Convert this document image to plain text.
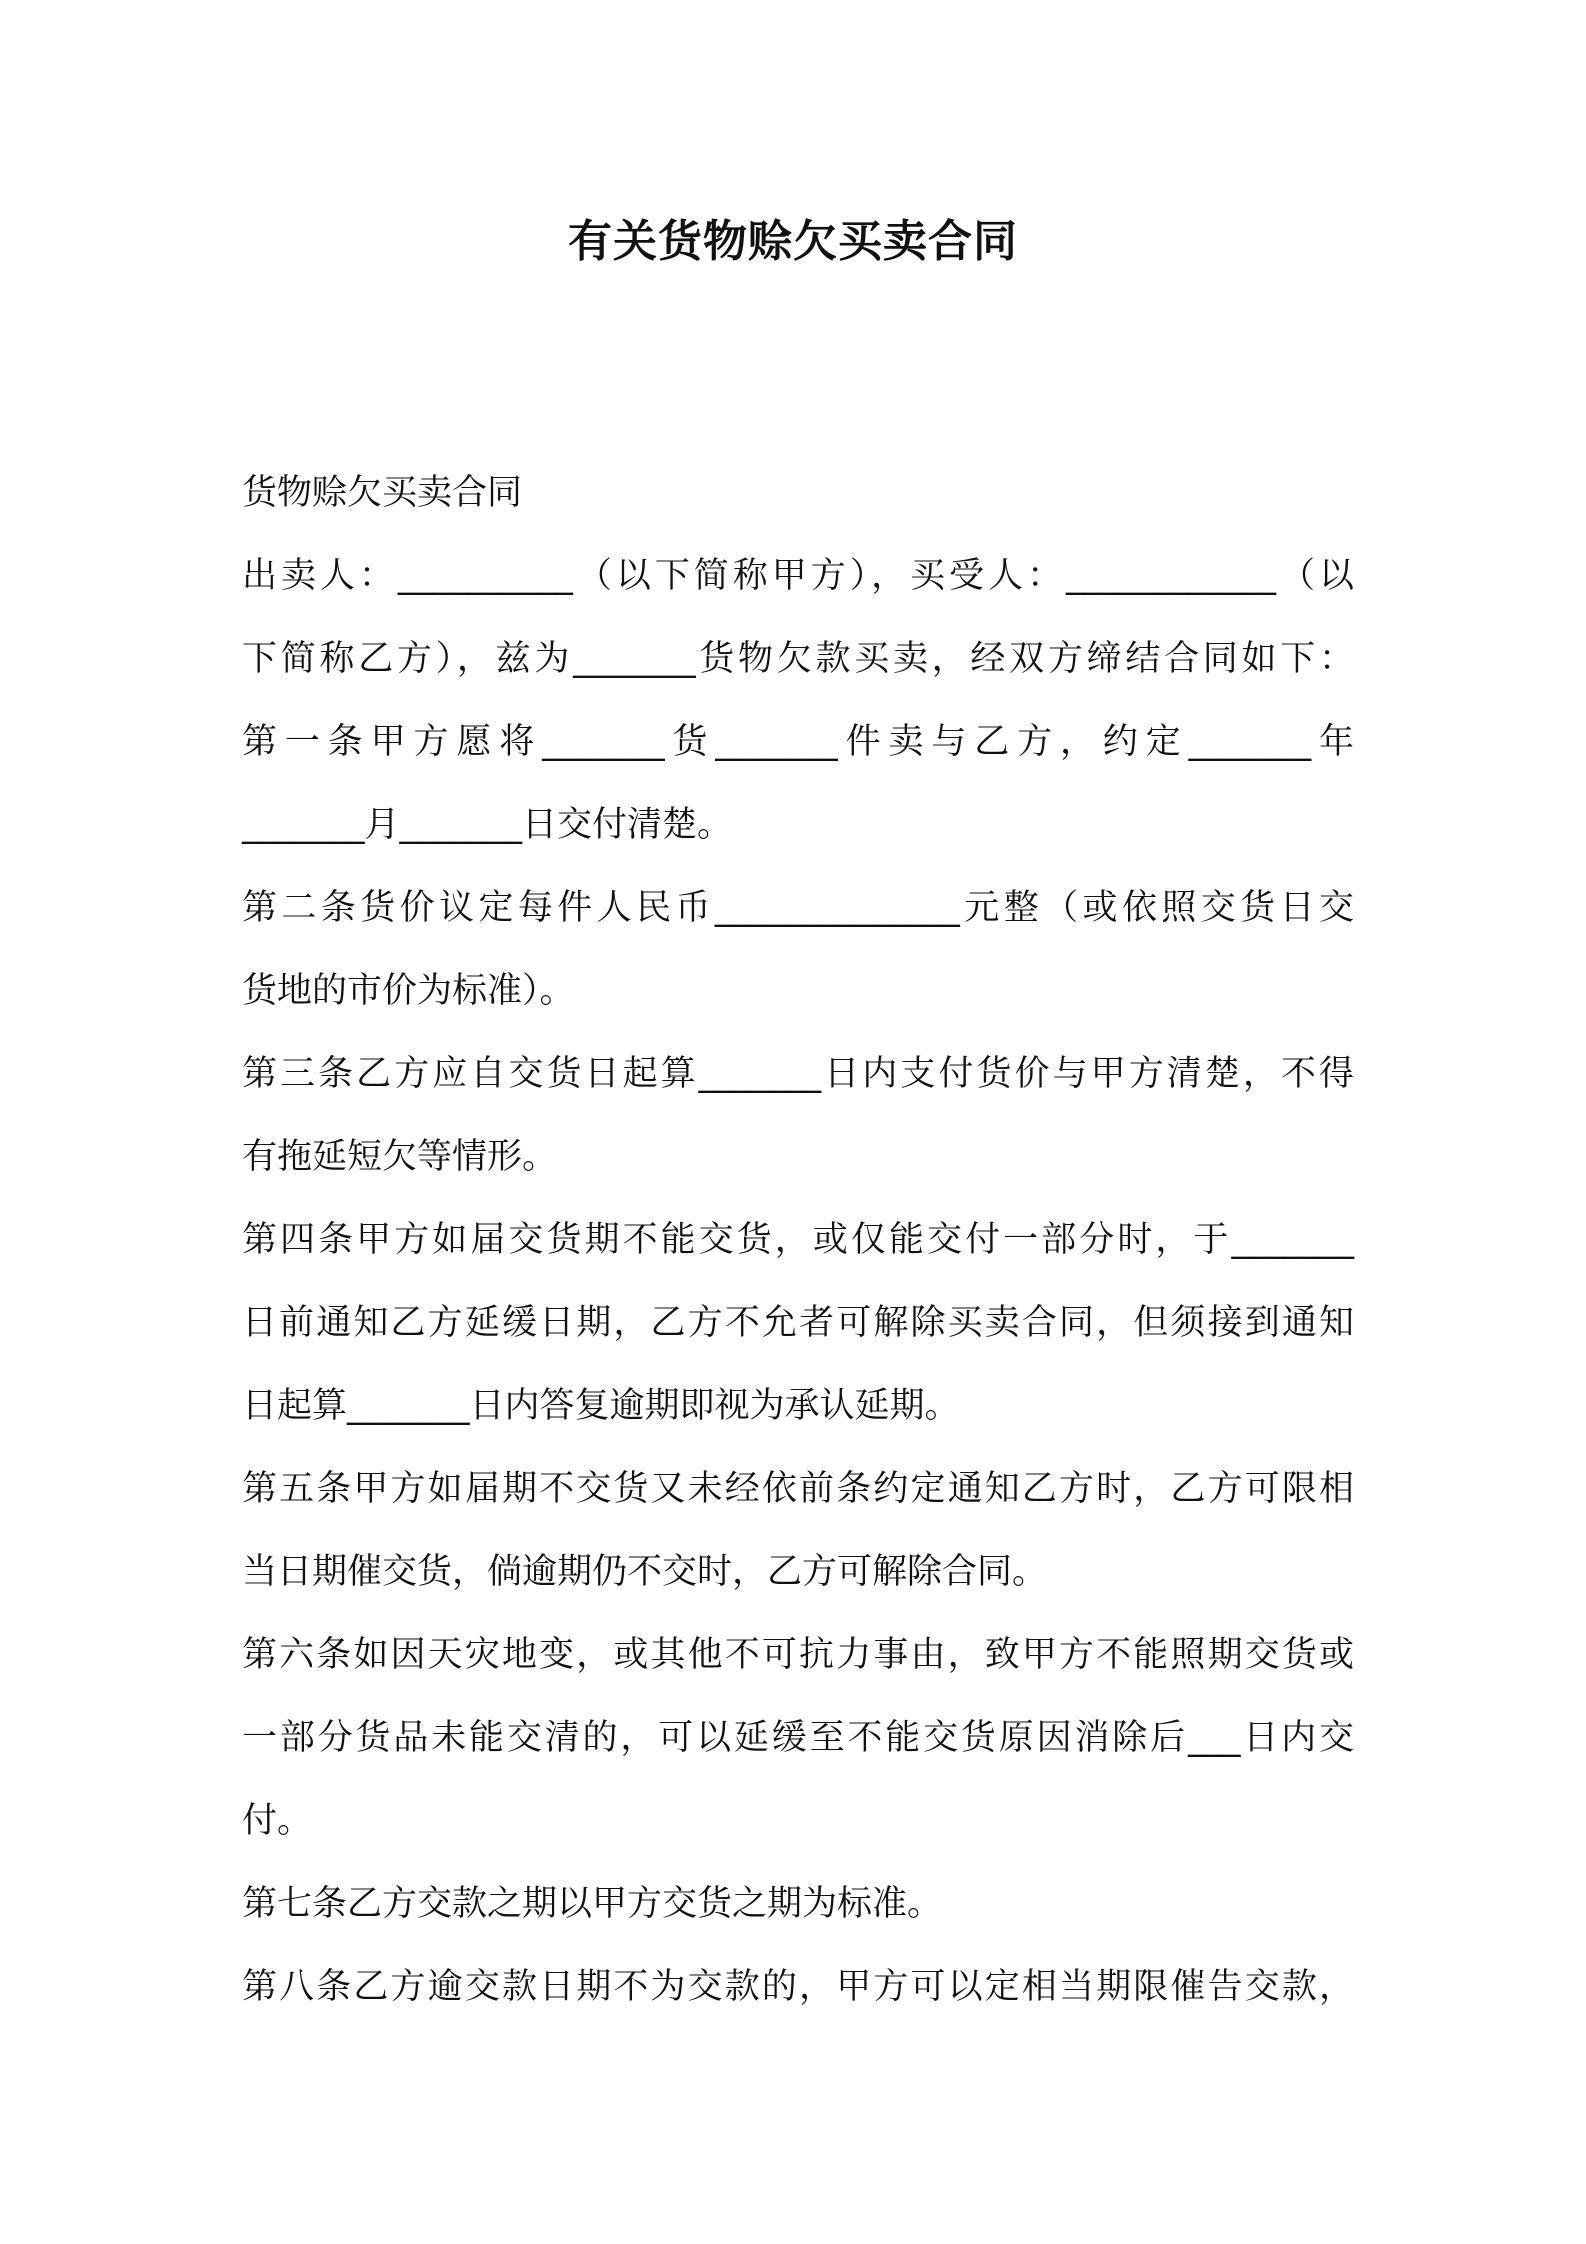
有关货物赊欠买卖合同
货物赊欠买卖合同
出卖人：__________（以下简称甲方），买受人：____________（以
下简称乙方），兹为_______货物欠款买卖，经双方缔结合同如下：
第一条甲方愿将_______货_______件卖与乙方，约定_______年
_______月_______日交付清楚。
第二条货价议定每件人民币______________元整（或依照交货日交
货地的市价为标准）。
第三条乙方应自交货日起算_______日内支付货价与甲方清楚，不得
有拖延短欠等情形。
第四条甲方如届交货期不能交货，或仅能交付一部分时，于_______
日前通知乙方延缓日期，乙方不允者可解除买卖合同，但须接到通知
日起算_______日内答复逾期即视为承认延期。
第五条甲方如届期不交货又未经依前条约定通知乙方时，乙方可限相
当日期催交货，倘逾期仍不交时，乙方可解除合同。
第六条如因天灾地变，或其他不可抗力事由，致甲方不能照期交货或
一部分货品未能交清的，可以延缓至不能交货原因消除后___日内交
付。
第七条乙方交款之期以甲方交货之期为标准。
第八条乙方逾交款日期不为交款的，甲方可以定相当期限催告交款，
